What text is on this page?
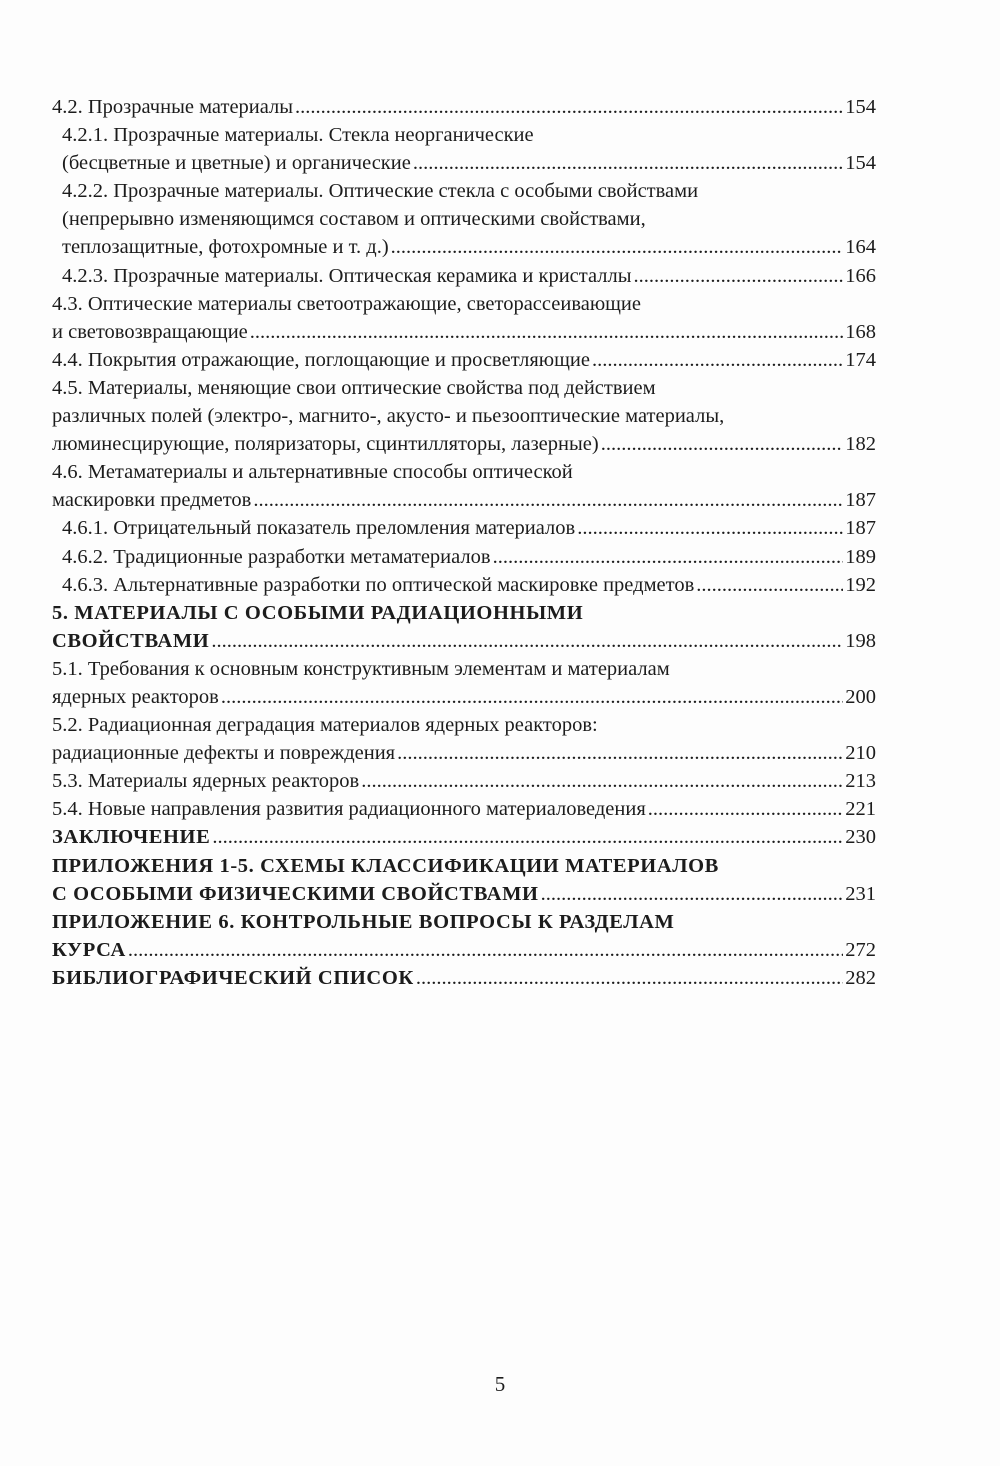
4.2. Прозрачные материалы .....	154
4.2.1. Прозрачные материалы. Стекла неорганические
(бесцветные и цветные) и органические .....	154
4.2.2. Прозрачные материалы. Оптические стекла с особыми свойствами
(непрерывно изменяющимся составом и оптическими свойствами,
теплозащитные, фотохромные и т. д.) .....	164
4.2.3. Прозрачные материалы. Оптическая керамика и кристаллы .....	166
4.3. Оптические материалы светоотражающие, светорассеивающие
и световозвращающие .....	168
4.4. Покрытия отражающие, поглощающие и просветляющие .....	174
4.5. Материалы, меняющие свои оптические свойства под действием
различных полей (электро-, магнито-, акусто- и пьезооптические материалы,
люминесцирующие, поляризаторы, сцинтилляторы, лазерные) .....	182
4.6. Метаматериалы и альтернативные способы оптической
маскировки предметов .....	187
4.6.1. Отрицательный показатель преломления материалов .....	187
4.6.2. Традиционные разработки метаматериалов .....	189
4.6.3. Альтернативные разработки по оптической маскировке предметов .....	192
5. МАТЕРИАЛЫ С ОСОБЫМИ РАДИАЦИОННЫМИ
СВОЙСТВАМИ .....	198
5.1. Требования к основным конструктивным элементам и материалам
ядерных реакторов .....	200
5.2. Радиационная деградация материалов ядерных реакторов:
радиационные дефекты и повреждения .....	210
5.3. Материалы ядерных реакторов .....	213
5.4. Новые направления развития радиационного материаловедения .....	221
ЗАКЛЮЧЕНИЕ .....	230
ПРИЛОЖЕНИЯ 1-5. СХЕМЫ КЛАССИФИКАЦИИ МАТЕРИАЛОВ
С ОСОБЫМИ ФИЗИЧЕСКИМИ СВОЙСТВАМИ .....	231
ПРИЛОЖЕНИЕ 6. КОНТРОЛЬНЫЕ ВОПРОСЫ К РАЗДЕЛАМ
КУРСА .....	272
БИБЛИОГРАФИЧЕСКИЙ СПИСОК .....	282
5
